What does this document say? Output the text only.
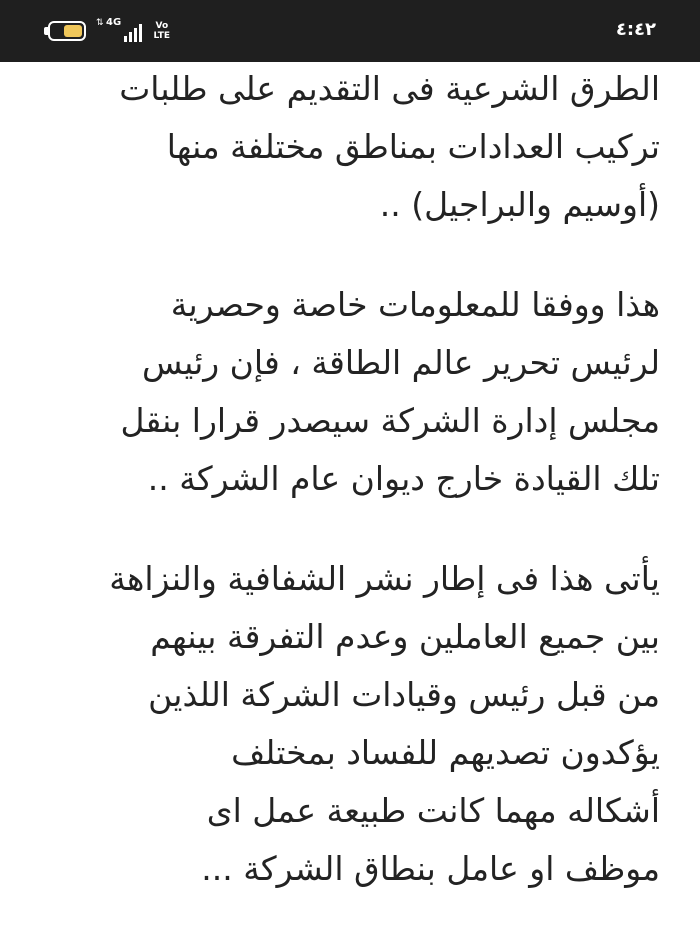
⇅ 4G	Vo
LTE	٤:٤٢
الطرق الشرعية فى التقديم على طلبات
تركيب العدادات بمناطق مختلفة منها
(أوسيم والبراجيل) ..
هذا ووفقا للمعلومات خاصة وحصرية
لرئيس تحرير عالم الطاقة ، فإن رئيس
مجلس إدارة الشركة سيصدر قرارا بنقل
تلك القيادة خارج ديوان عام الشركة ..
يأتى هذا فى إطار نشر الشفافية والنزاهة
بين جميع العاملين وعدم التفرقة بينهم
من قبل رئيس وقيادات الشركة اللذين
يؤكدون تصديهم للفساد بمختلف
أشكاله مهما كانت طبيعة عمل اى
موظف او عامل بنطاق الشركة ...
